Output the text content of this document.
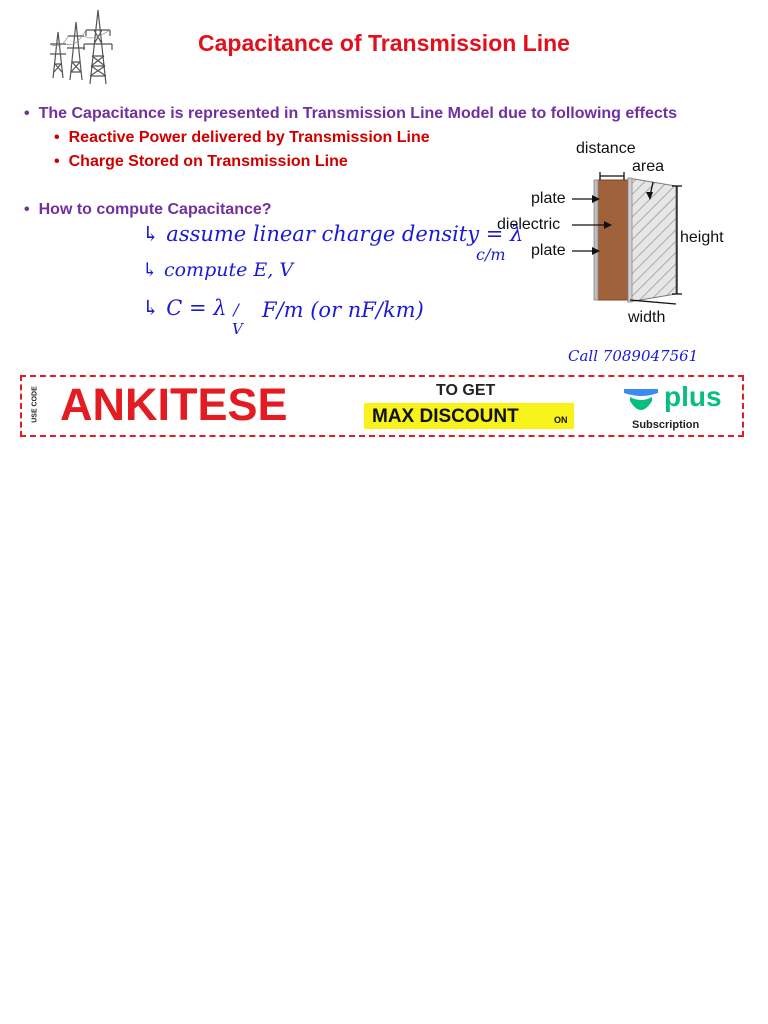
Capacitance of Transmission Line
• The Capacitance is represented in Transmission Line Model due to following effects
• Reactive Power delivered by Transmission Line
• Charge Stored on Transmission Line
• How to compute Capacitance?
↳ assume linear charge density = λ
c/m
↳ compute E, V
↳ C = λ /
V
F/m (or nF/km)
Call 7089047561
distance
area
plate
dielectric
plate
height
width
USE CODE ANKITESE	TO GET
MAX DISCOUNT	ON
plus
Subscription
